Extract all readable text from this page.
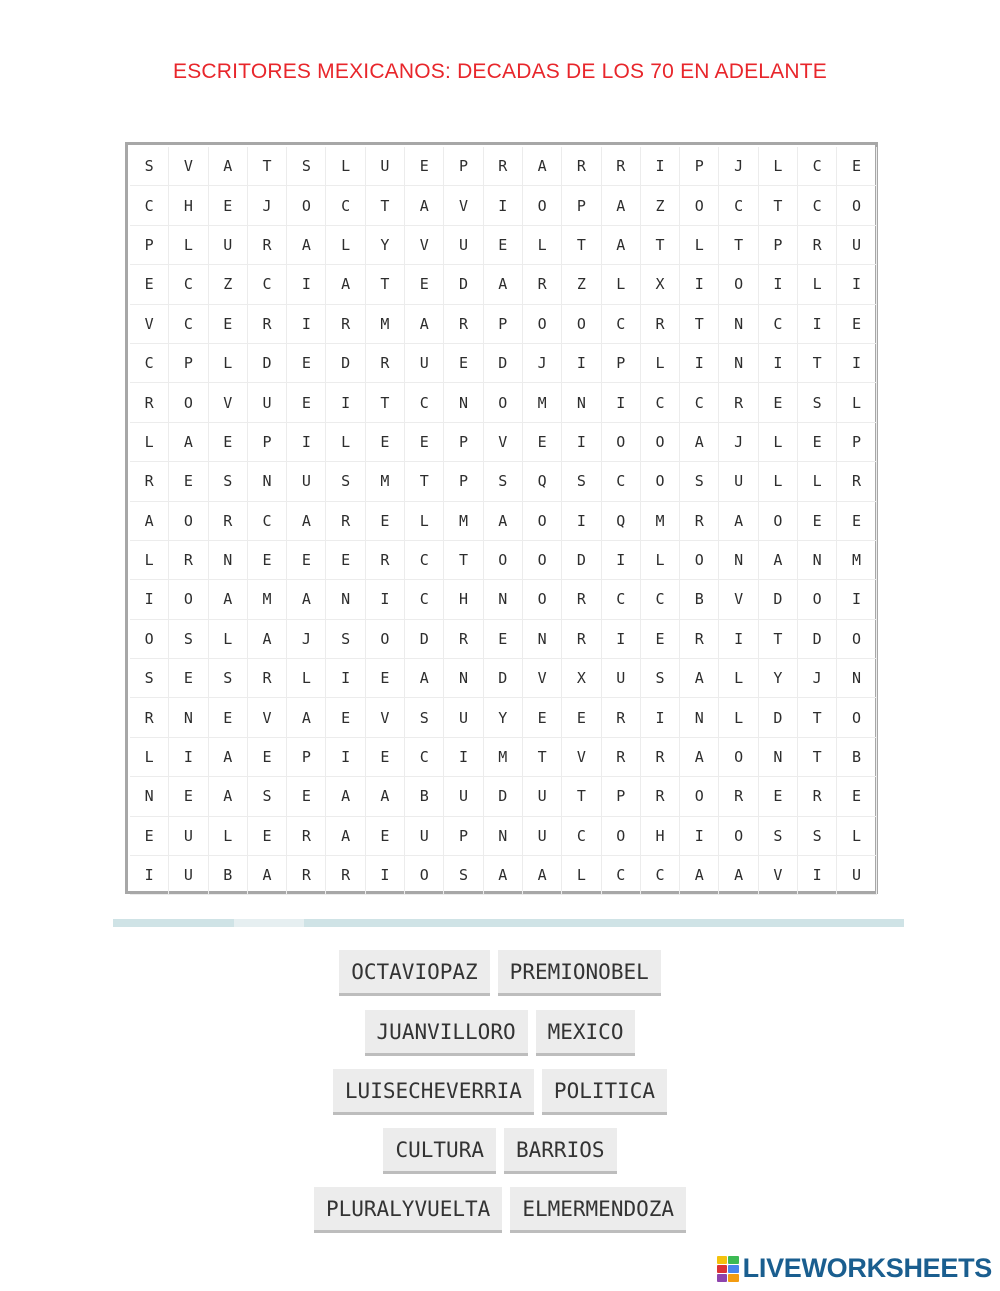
ESCRITORES MEXICANOS: DECADAS DE LOS 70 EN ADELANTE
S	V	A	T	S	L	U	E	P	R	A	R	R	I	P	J	L	C	E
C	H	E	J	O	C	T	A	V	I	O	P	A	Z	O	C	T	C	O
P	L	U	R	A	L	Y	V	U	E	L	T	A	T	L	T	P	R	U
E	C	Z	C	I	A	T	E	D	A	R	Z	L	X	I	O	I	L	I
V	C	E	R	I	R	M	A	R	P	O	O	C	R	T	N	C	I	E
C	P	L	D	E	D	R	U	E	D	J	I	P	L	I	N	I	T	I
R	O	V	U	E	I	T	C	N	O	M	N	I	C	C	R	E	S	L
L	A	E	P	I	L	E	E	P	V	E	I	O	O	A	J	L	E	P
R	E	S	N	U	S	M	T	P	S	Q	S	C	O	S	U	L	L	R
A	O	R	C	A	R	E	L	M	A	O	I	Q	M	R	A	O	E	E
L	R	N	E	E	E	R	C	T	O	O	D	I	L	O	N	A	N	M
I	O	A	M	A	N	I	C	H	N	O	R	C	C	B	V	D	O	I
O	S	L	A	J	S	O	D	R	E	N	R	I	E	R	I	T	D	O
S	E	S	R	L	I	E	A	N	D	V	X	U	S	A	L	Y	J	N
R	N	E	V	A	E	V	S	U	Y	E	E	R	I	N	L	D	T	O
L	I	A	E	P	I	E	C	I	M	T	V	R	R	A	O	N	T	B
N	E	A	S	E	A	A	B	U	D	U	T	P	R	O	R	E	R	E
E	U	L	E	R	A	E	U	P	N	U	C	O	H	I	O	S	S	L
I	U	B	A	R	R	I	O	S	A	A	L	C	C	A	A	V	I	U
OCTAVIOPAZ	PREMIONOBEL
JUANVILLORO	MEXICO
LUISECHEVERRIA	POLITICA
CULTURA	BARRIOS
PLURALYVUELTA	ELMERMENDOZA
LIVEWORKSHEETS
